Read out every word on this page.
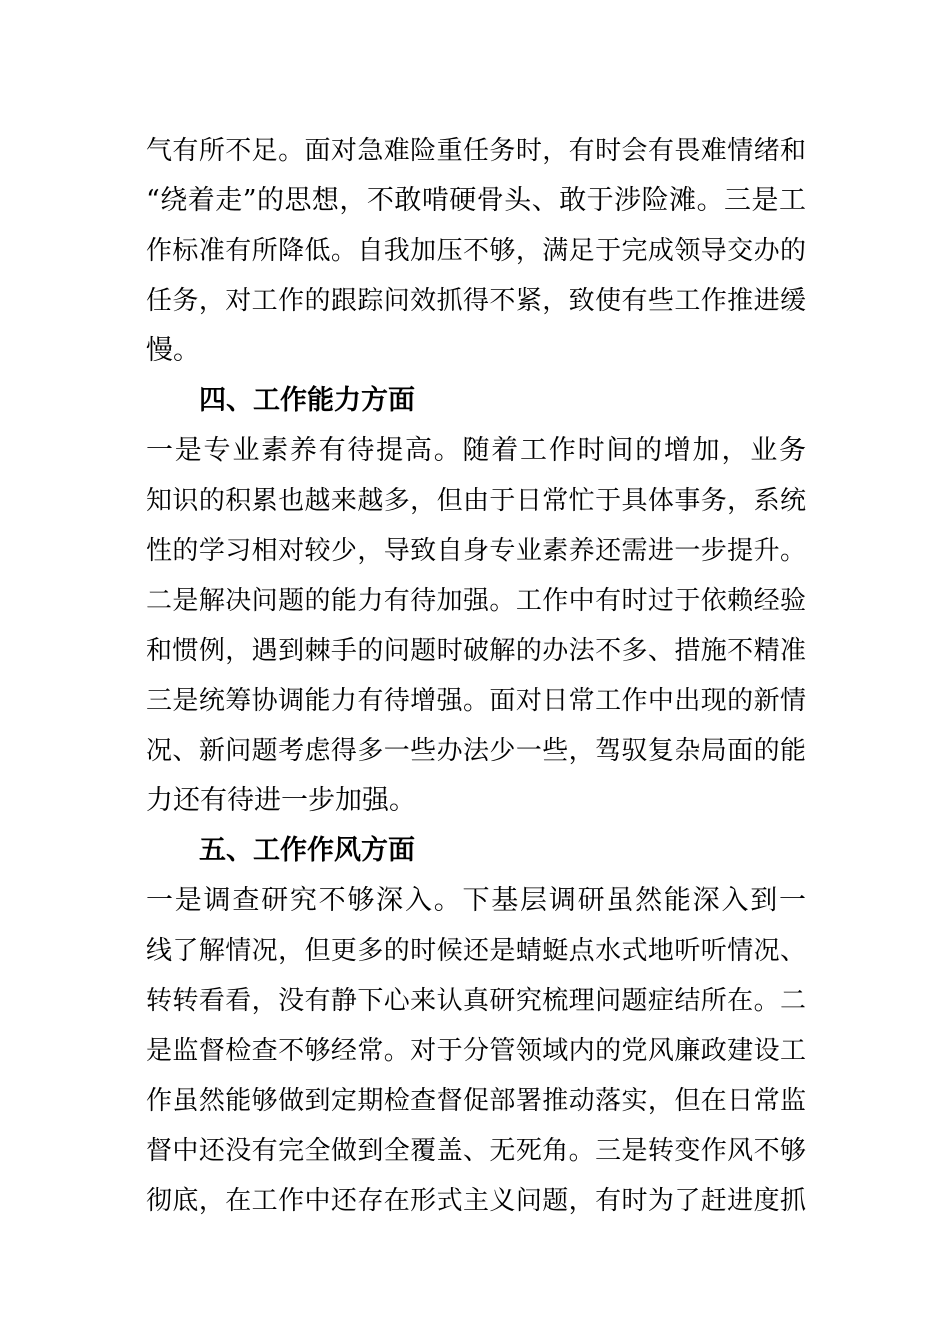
气有所不足。面对急难险重任务时，有时会有畏难情绪和
“绕着走”的思想，不敢啃硬骨头、敢于涉险滩。三是工
作标准有所降低。自我加压不够，满足于完成领导交办的
任务，对工作的跟踪问效抓得不紧，致使有些工作推进缓
慢。
四、工作能力方面
一是专业素养有待提高。随着工作时间的增加，业务
知识的积累也越来越多，但由于日常忙于具体事务，系统
性的学习相对较少，导致自身专业素养还需进一步提升。
二是解决问题的能力有待加强。工作中有时过于依赖经验
和惯例，遇到棘手的问题时破解的办法不多、措施不精准
三是统筹协调能力有待增强。面对日常工作中出现的新情
况、新问题考虑得多一些办法少一些，驾驭复杂局面的能
力还有待进一步加强。
五、工作作风方面
一是调查研究不够深入。下基层调研虽然能深入到一
线了解情况，但更多的时候还是蜻蜓点水式地听听情况、
转转看看，没有静下心来认真研究梳理问题症结所在。二
是监督检查不够经常。对于分管领域内的党风廉政建设工
作虽然能够做到定期检查督促部署推动落实，但在日常监
督中还没有完全做到全覆盖、无死角。三是转变作风不够
彻底，在工作中还存在形式主义问题，有时为了赶进度抓
